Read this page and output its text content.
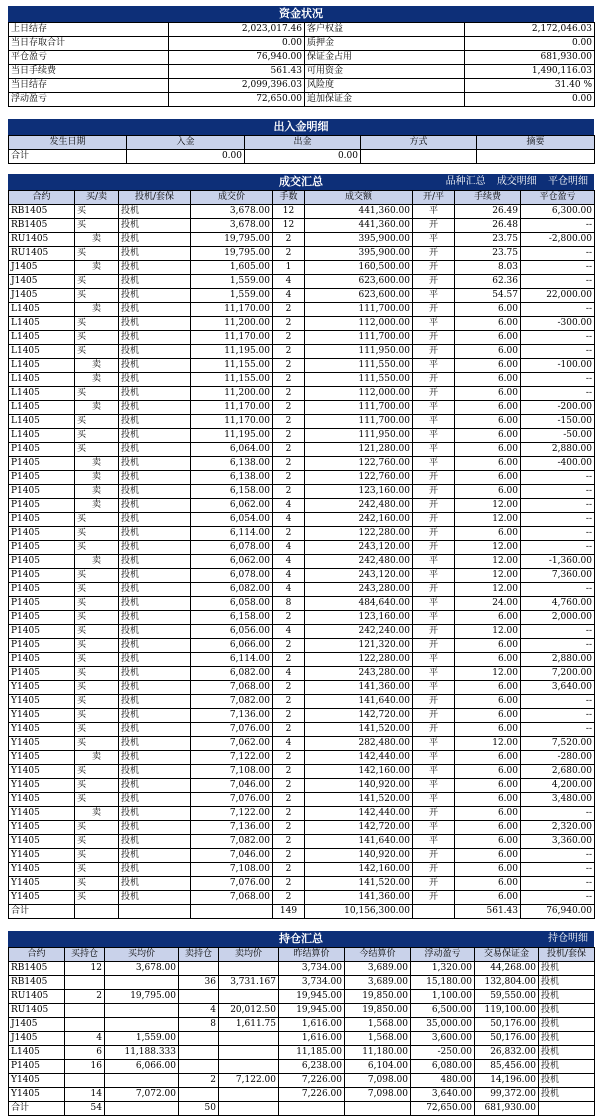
资金状况
上日结存	2,023,017.46	客户权益	2,172,046.03
当日存取合计	0.00	质押金	0.00
平仓盈亏	76,940.00	保证金占用	681,930.00
当日手续费	561.43	可用资金	1,490,116.03
当日结存	2,099,396.03	风险度	31.40 %
浮动盈亏	72,650.00	追加保证金	0.00
出入金明细
发生日期	入金	出金	方式	摘要
合计	0.00	0.00		
成交汇总	品种汇总 成交明细 平仓明细
合约	买/卖	投机/套保	成交价	手数	成交额	开/平	手续费	平仓盈亏
RB1405	买	投机	3,678.00	12	441,360.00	平	26.49	6,300.00
RB1405	买	投机	3,678.00	12	441,360.00	开	26.48	--
RU1405	卖	投机	19,795.00	2	395,900.00	平	23.75	-2,800.00
RU1405	买	投机	19,795.00	2	395,900.00	开	23.75	--
J1405	卖	投机	1,605.00	1	160,500.00	开	8.03	--
J1405	买	投机	1,559.00	4	623,600.00	开	62.36	--
J1405	买	投机	1,559.00	4	623,600.00	平	54.57	22,000.00
L1405	卖	投机	11,170.00	2	111,700.00	开	6.00	--
L1405	买	投机	11,200.00	2	112,000.00	平	6.00	-300.00
L1405	买	投机	11,170.00	2	111,700.00	开	6.00	--
L1405	买	投机	11,195.00	2	111,950.00	开	6.00	--
L1405	卖	投机	11,155.00	2	111,550.00	平	6.00	-100.00
L1405	卖	投机	11,155.00	2	111,550.00	开	6.00	--
L1405	买	投机	11,200.00	2	112,000.00	开	6.00	--
L1405	卖	投机	11,170.00	2	111,700.00	平	6.00	-200.00
L1405	买	投机	11,170.00	2	111,700.00	平	6.00	-150.00
L1405	买	投机	11,195.00	2	111,950.00	平	6.00	-50.00
P1405	买	投机	6,064.00	2	121,280.00	平	6.00	2,880.00
P1405	卖	投机	6,138.00	2	122,760.00	平	6.00	-400.00
P1405	卖	投机	6,138.00	2	122,760.00	开	6.00	--
P1405	卖	投机	6,158.00	2	123,160.00	开	6.00	--
P1405	卖	投机	6,062.00	4	242,480.00	开	12.00	--
P1405	买	投机	6,054.00	4	242,160.00	开	12.00	--
P1405	买	投机	6,114.00	2	122,280.00	开	6.00	--
P1405	买	投机	6,078.00	4	243,120.00	开	12.00	--
P1405	卖	投机	6,062.00	4	242,480.00	平	12.00	-1,360.00
P1405	买	投机	6,078.00	4	243,120.00	平	12.00	7,360.00
P1405	买	投机	6,082.00	4	243,280.00	开	12.00	--
P1405	买	投机	6,058.00	8	484,640.00	平	24.00	4,760.00
P1405	买	投机	6,158.00	2	123,160.00	平	6.00	2,000.00
P1405	买	投机	6,056.00	4	242,240.00	开	12.00	--
P1405	买	投机	6,066.00	2	121,320.00	开	6.00	--
P1405	买	投机	6,114.00	2	122,280.00	平	6.00	2,880.00
P1405	买	投机	6,082.00	4	243,280.00	平	12.00	7,200.00
Y1405	买	投机	7,068.00	2	141,360.00	平	6.00	3,640.00
Y1405	买	投机	7,082.00	2	141,640.00	开	6.00	--
Y1405	买	投机	7,136.00	2	142,720.00	开	6.00	--
Y1405	买	投机	7,076.00	2	141,520.00	开	6.00	--
Y1405	买	投机	7,062.00	4	282,480.00	平	12.00	7,520.00
Y1405	卖	投机	7,122.00	2	142,440.00	平	6.00	-280.00
Y1405	买	投机	7,108.00	2	142,160.00	平	6.00	2,680.00
Y1405	买	投机	7,046.00	2	140,920.00	平	6.00	4,200.00
Y1405	买	投机	7,076.00	2	141,520.00	平	6.00	3,480.00
Y1405	卖	投机	7,122.00	2	142,440.00	开	6.00	--
Y1405	买	投机	7,136.00	2	142,720.00	平	6.00	2,320.00
Y1405	买	投机	7,082.00	2	141,640.00	平	6.00	3,360.00
Y1405	买	投机	7,046.00	2	140,920.00	开	6.00	--
Y1405	买	投机	7,108.00	2	142,160.00	开	6.00	--
Y1405	买	投机	7,076.00	2	141,520.00	开	6.00	--
Y1405	买	投机	7,068.00	2	141,360.00	开	6.00	--
合计				149	10,156,300.00		561.43	76,940.00
持仓汇总	持仓明细
合约	买持仓	买均价	卖持仓	卖均价	昨结算价	今结算价	浮动盈亏	交易保证金	投机/套保
RB1405	12	3,678.00			3,734.00	3,689.00	1,320.00	44,268.00	投机
RB1405			36	3,731.167	3,734.00	3,689.00	15,180.00	132,804.00	投机
RU1405	2	19,795.00			19,945.00	19,850.00	1,100.00	59,550.00	投机
RU1405			4	20,012.50	19,945.00	19,850.00	6,500.00	119,100.00	投机
J1405			8	1,611.75	1,616.00	1,568.00	35,000.00	50,176.00	投机
J1405	4	1,559.00			1,616.00	1,568.00	3,600.00	50,176.00	投机
L1405	6	11,188.333			11,185.00	11,180.00	-250.00	26,832.00	投机
P1405	16	6,066.00			6,238.00	6,104.00	6,080.00	85,456.00	投机
Y1405			2	7,122.00	7,226.00	7,098.00	480.00	14,196.00	投机
Y1405	14	7,072.00			7,226.00	7,098.00	3,640.00	99,372.00	投机
合计	54		50				72,650.00	681,930.00	
